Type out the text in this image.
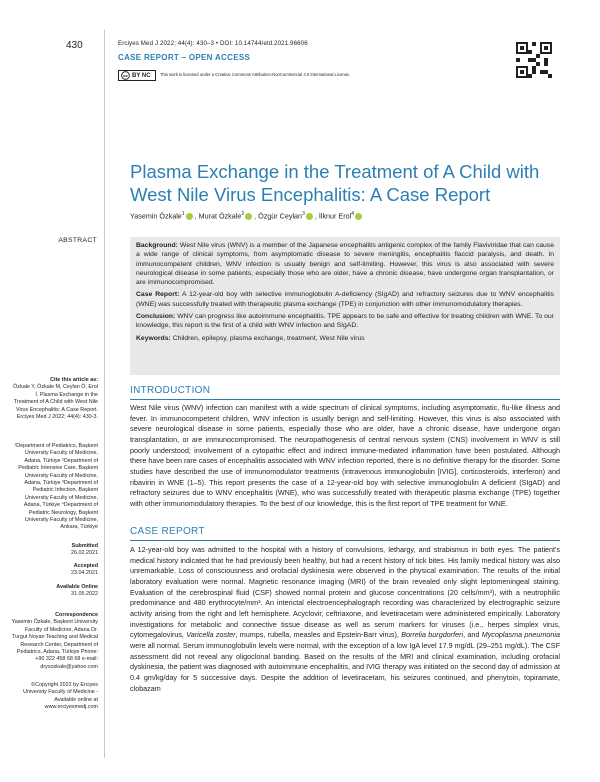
430	Erciyes Med J 2022; 44(4): 430–3 • DOI: 10.14744/etd.2021.96606
CASE REPORT – OPEN ACCESS
cc BY NC This work is licensed under a Creative Commons Attribution-NonCommercial 4.0 International License.
Plasma Exchange in the Treatment of A Child with West Nile Virus Encephalitis: A Case Report
Yasemin Özkale$^1$ , Murat Özkale$^2$ , Özgür Ceylan$^3$ , İlknur Erol$^4$
ABSTRACT

Background: West Nile virus (WNV) is a member of the Japanese encephalitis antigenic complex of the family Flaviviridae that can cause a wide range of clinical symptoms, from asymptomatic disease to severe meningitis, encephalitis flaccid paralysis, and death. In immunocompetent children, WNV infection is usually benign and self-limiting. However, this virus is also associated with severe neurological disease in some patients, especially those who are older, have a chronic disease, have undergone organ transplantation, or are immunocompromised.

Case Report: A 12-year-old boy with selective immunoglobulin A-deficiency (SIgAD) and refractory seizures due to WNV encephalitis (WNE) was successfully treated with therapeutic plasma exchange (TPE) in conjunction with other immunomodulatory therapies.

Conclusion: WNV can progress like autoimmune encephalitis. TPE appears to be safe and effective for treating children with WNE. To our knowledge, this report is the first of a child with WNV infection and SIgAD.

Keywords: Children, epilepsy, plasma exchange, treatment, West Nile virus

Cite this article as:
Özkale Y, Özkale M, Ceylan Ö, Erol İ. Plasma Exchange in the Treatment of A Child with West Nile Virus Encephalitis: A Case Report. Erciyes Med J 2022; 44(4): 430-3.
¹Department of Pediatrics, Başkent University Faculty of Medicine, Adana, Türkiye ²Department of Pediatric Intensive Care, Başkent University Faculty of Medicine, Adana, Türkiye ³Department of Pediatric Infection, Başkent University Faculty of Medicine, Adana, Türkiye ⁴Department of Pediatric Neurology, Başkent University Faculty of Medicine, Ankara, Türkiye
Submitted
26.02.2021
Accepted
23.04.2021
Available Online
31.05.2022
Correspondence
Yasemin Özkale, Başkent University Faculty of Medicine, Adana Dr. Turgut Noyan Teaching and Medical Research Center, Department of Pediatrics, Adana, Türkiye Phone: +90 322 458 68 68 e-mail: drysozkale@yahoo.com
©Copyright 2022 by Erciyes University Faculty of Medicine - Available online at www.erciyesmedj.com
INTRODUCTION

West Nile virus (WNV) infection can manifest with a wide spectrum of clinical symptoms, including asymptomatic, flu-like illness and fever. In immunocompetent children, WNV infection is usually benign and self-limiting. However, this virus is also associated with severe neurological disease in some patients, especially those who are older, have a chronic disease, have undergone organ transplantation, or are immunocompromised. The neuropathogenesis of central nervous system (CNS) involvement in WNV is still poorly understood; involvement of a cytopathic effect and indirect immune-mediated inflammation have been postulated. Although there have been rare cases of encephalitis associated with WNV infection reported, there is no definitive therapy for the disorder. Some studies have described the use of immunomodulator treatments (intravenous immunoglobulin [IVIG], corticosteroids, interferon) and ribavirin in WNE (1–5). This report presents the case of a 12-year-old boy with selective immunoglobulin A deficient (SIgAD) and refractory seizures due to WNV encephalitis (WNE), who was successfully treated with therapeutic plasma exchange (TPE) together with other immunomodulatory therapies. To the best of our knowledge, this is the first report of TPE treatment for WNE.

CASE REPORT

A 12-year-old boy was admitted to the hospital with a history of convulsions, lethargy, and strabismus in both eyes. The patient's medical history indicated that he had previously been healthy, but had a recent history of tick bites. His family medical history was also unremarkable. Loss of consciousness and orofacial dyskinesia were observed in the physical examination. The results of the initial laboratory evaluation were normal. Magnetic resonance imaging (MRI) of the brain revealed only slight leptomeningeal staining. Evaluation of the cerebrospinal fluid (CSF) showed normal protein and glucose concentrations (20 cells/mm³), with a neutrophilic predominance and 480 erythrocyte/mm³. An interictal electroencephalograph recording was characterized by electrographic seizure activity arising from the right and left hemisphere. Acyclovir, ceftriaxone, and levetiracetam were administered empirically. Laboratory investigations for metabolic and connective tissue disease as well as serum markers for viruses (i.e., herpes simplex virus, cytomegalovirus, Varicella zoster, mumps, rubella, measles and Epstein-Barr virus), Borrelia burgdorferi, and Mycoplasma pneumonia were all normal. Serum immunoglobulin levels were normal, with the exception of a low IgA level 17.9 mg/dL (29–251 mg/dL). The CSF assessment did not reveal any oligoclonal banding. Based on the results of the MRI and clinical examination, including orofacial dyskinesia, the patient was diagnosed with autoimmune encephalitis, and IVIG therapy was initiated on the second day of admission at 0.4 gm/kg/day for 5 successive days. Despite the addition of levetiracetam, his seizures continued, and phenytoin, topiramate, clobazam
